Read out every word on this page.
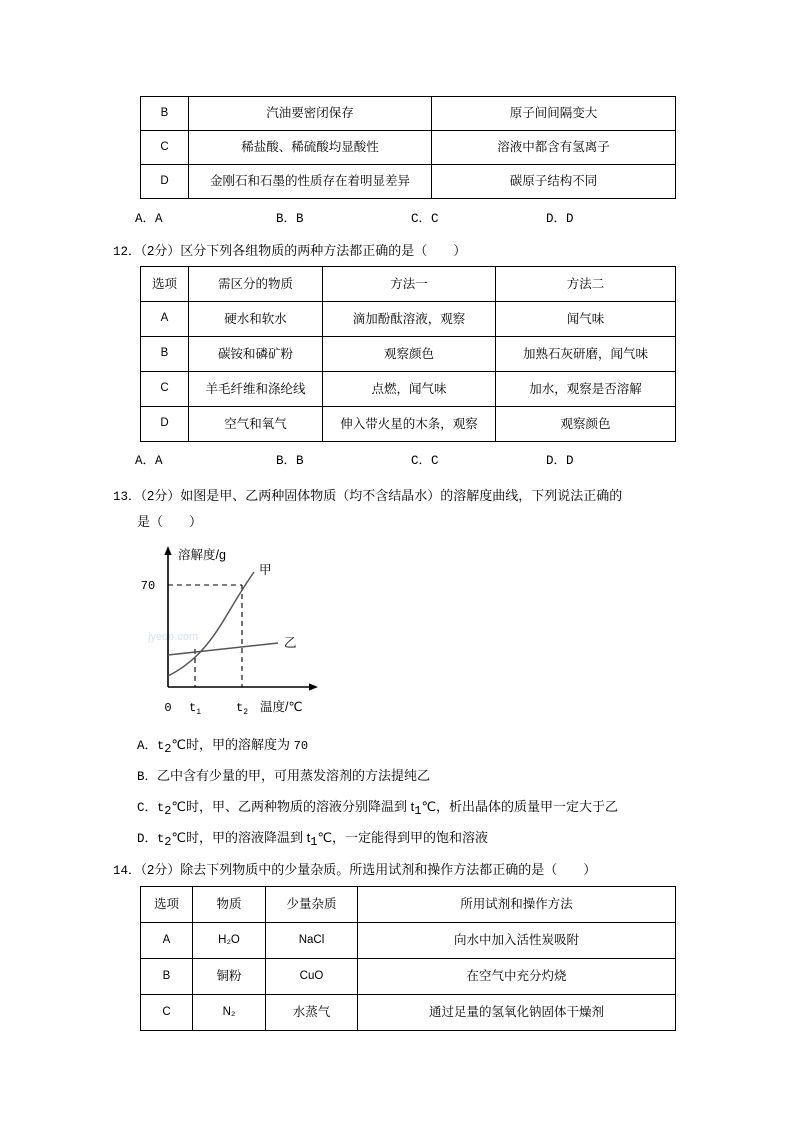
B	汽油要密闭保存	原子间间隔变大
C	稀盐酸、稀硫酸均显酸性	溶液中都含有氢离子
D	金刚石和石墨的性质存在着明显差异	碳原子结构不同
A．A	B．B	C．C	D．D
12．（2分）区分下列各组物质的两种方法都正确的是（　　）
选项	需区分的物质	方法一	方法二
A	硬水和软水	滴加酚酞溶液，观察	闻气味
B	碳铵和磷矿粉	观察颜色	加熟石灰研磨，闻气味
C	羊毛纤维和涤纶线	点燃，闻气味	加水，观察是否溶解
D	空气和氧气	伸入带火星的木条，观察	观察颜色
A．A	B．B	C．C	D．D
13．（2分）如图是甲、乙两种固体物质（均不含结晶水）的溶解度曲线，下列说法正确的
是（　　）
jyeoo.com
溶解度/g
温度/℃
70
0 $t_1$	$t_2$
甲
乙
A．$t_2℃$时，甲的溶解度为 70
B．乙中含有少量的甲，可用蒸发溶剂的方法提纯乙
C．$t_2℃$时，甲、乙两种物质的溶液分别降温到 $t_1℃$，析出晶体的质量甲一定大于乙
D．$t_2℃$时，甲的溶液降温到 $t_1℃$，一定能得到甲的饱和溶液
14．（2分）除去下列物质中的少量杂质。所选用试剂和操作方法都正确的是（　　）
选项	物质	少量杂质	所用试剂和操作方法
A	H₂O	NaCl	向水中加入活性炭吸附
B	铜粉	CuO	在空气中充分灼烧
C	N₂	水蒸气	通过足量的氢氧化钠固体干燥剂
